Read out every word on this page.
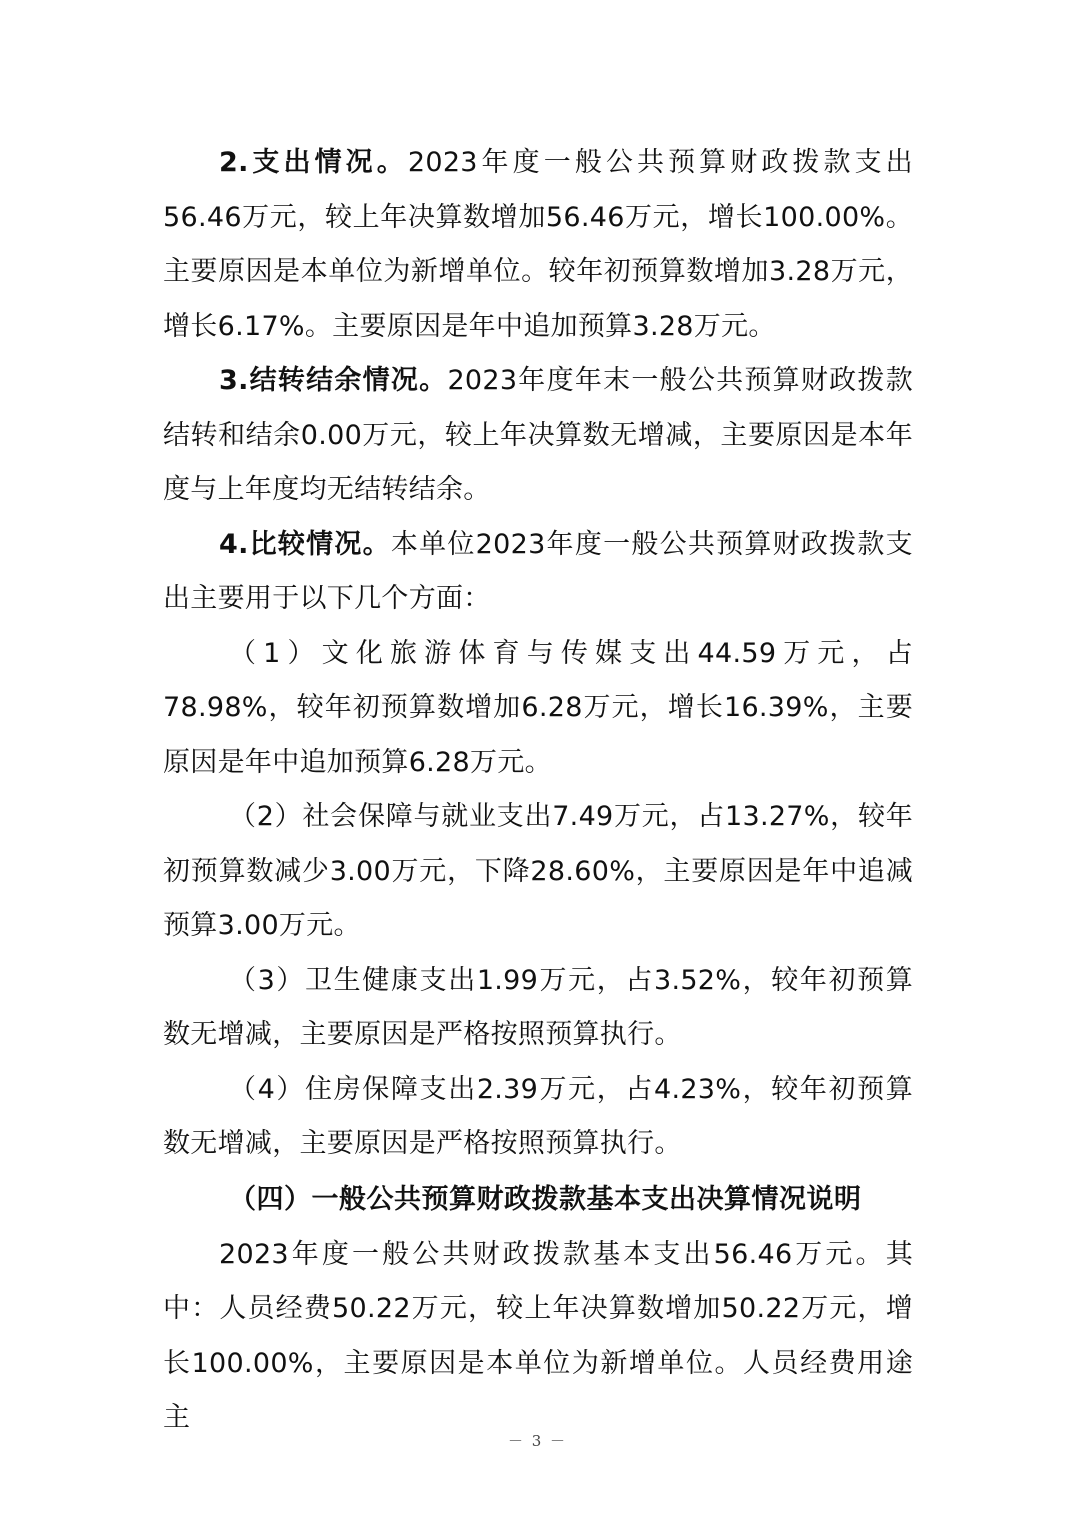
2.支出情况。2023年度一般公共预算财政拨款支出56.46万元，较上年决算数增加56.46万元，增长100.00%。主要原因是本单位为新增单位。较年初预算数增加3.28万元，增长6.17%。主要原因是年中追加预算3.28万元。

3.结转结余情况。2023年度年末一般公共预算财政拨款结转和结余0.00万元，较上年决算数无增减，主要原因是本年度与上年度均无结转结余。

4.比较情况。本单位2023年度一般公共预算财政拨款支出主要用于以下几个方面：

（1）文化旅游体育与传媒支出44.59万元，占78.98%，较年初预算数增加6.28万元，增长16.39%，主要原因是年中追加预算6.28万元。

（2）社会保障与就业支出7.49万元，占13.27%，较年初预算数减少3.00万元，下降28.60%，主要原因是年中追减预算3.00万元。

（3）卫生健康支出1.99万元，占3.52%，较年初预算数无增减，主要原因是严格按照预算执行。

（4）住房保障支出2.39万元，占4.23%，较年初预算数无增减，主要原因是严格按照预算执行。

（四）一般公共预算财政拨款基本支出决算情况说明

2023年度一般公共财政拨款基本支出56.46万元。其中：人员经费50.22万元，较上年决算数增加50.22万元，增长100.00%，主要原因是本单位为新增单位。人员经费用途主

－ 3 －
